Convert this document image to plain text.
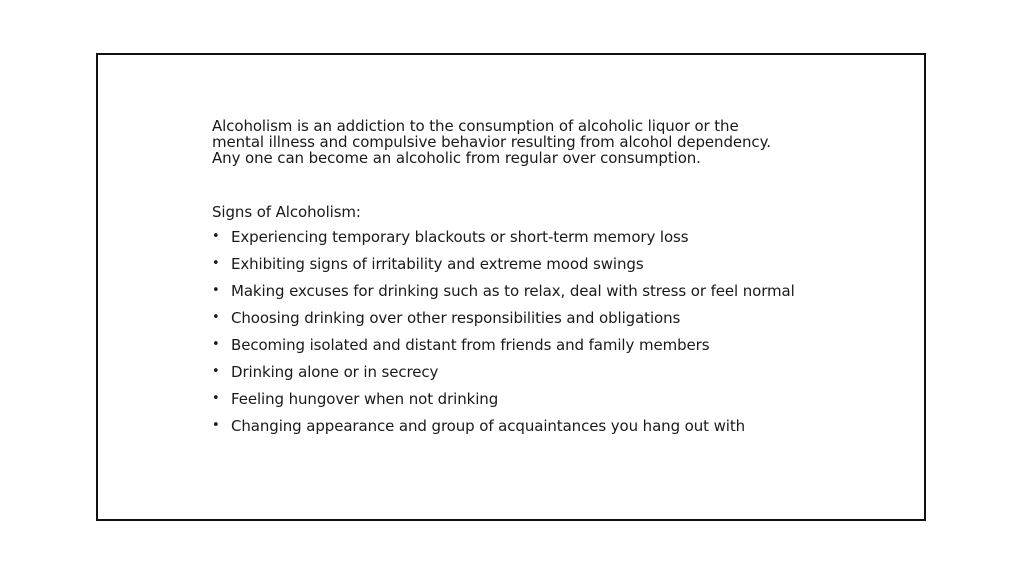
Alcoholism is an addiction to the consumption of alcoholic liquor or the
mental illness and compulsive behavior resulting from alcohol dependency.
Any one can become an alcoholic from regular over consumption.

Signs of Alcoholism:

• Experiencing temporary blackouts or short-term memory loss
• Exhibiting signs of irritability and extreme mood swings
• Making excuses for drinking such as to relax, deal with stress or feel normal
• Choosing drinking over other responsibilities and obligations
• Becoming isolated and distant from friends and family members
• Drinking alone or in secrecy
• Feeling hungover when not drinking
• Changing appearance and group of acquaintances you hang out with
